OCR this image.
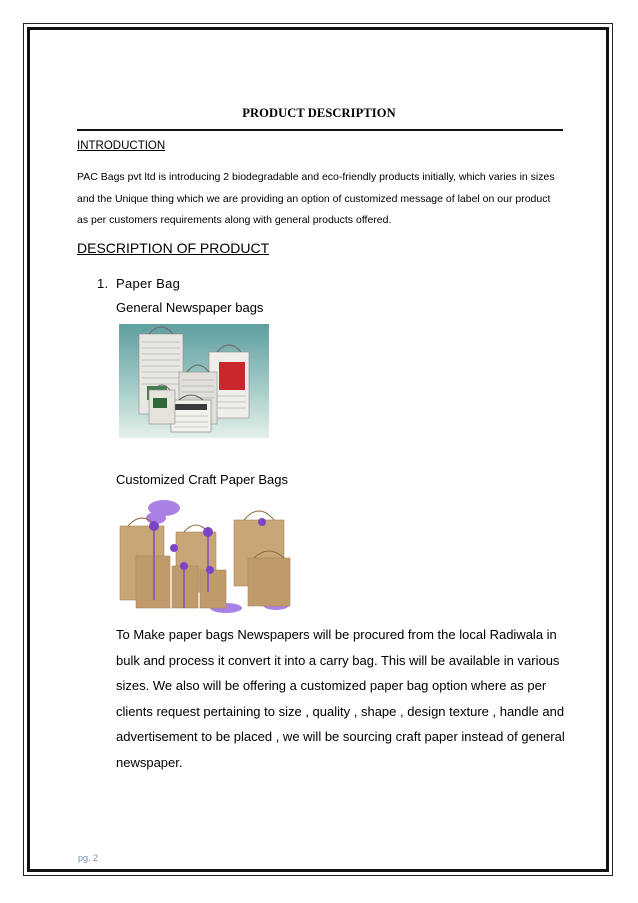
PRODUCT DESCRIPTION
INTRODUCTION
PAC Bags pvt ltd is introducing 2 biodegradable and eco-friendly products initially, which varies in sizes and the Unique thing which we are providing an option of customized message of label on our product as per customers requirements along with general products offered.
DESCRIPTION OF PRODUCT
1. Paper Bag
General Newspaper bags
Customized Craft Paper Bags
To Make paper bags Newspapers will be procured from the local Radiwala in bulk and process it convert it into a carry bag. This will be available in various sizes. We also will be offering a customized paper bag option where as per clients request pertaining to size , quality , shape , design texture , handle and advertisement to be placed , we will be sourcing craft paper instead of general newspaper.
pg. 2
